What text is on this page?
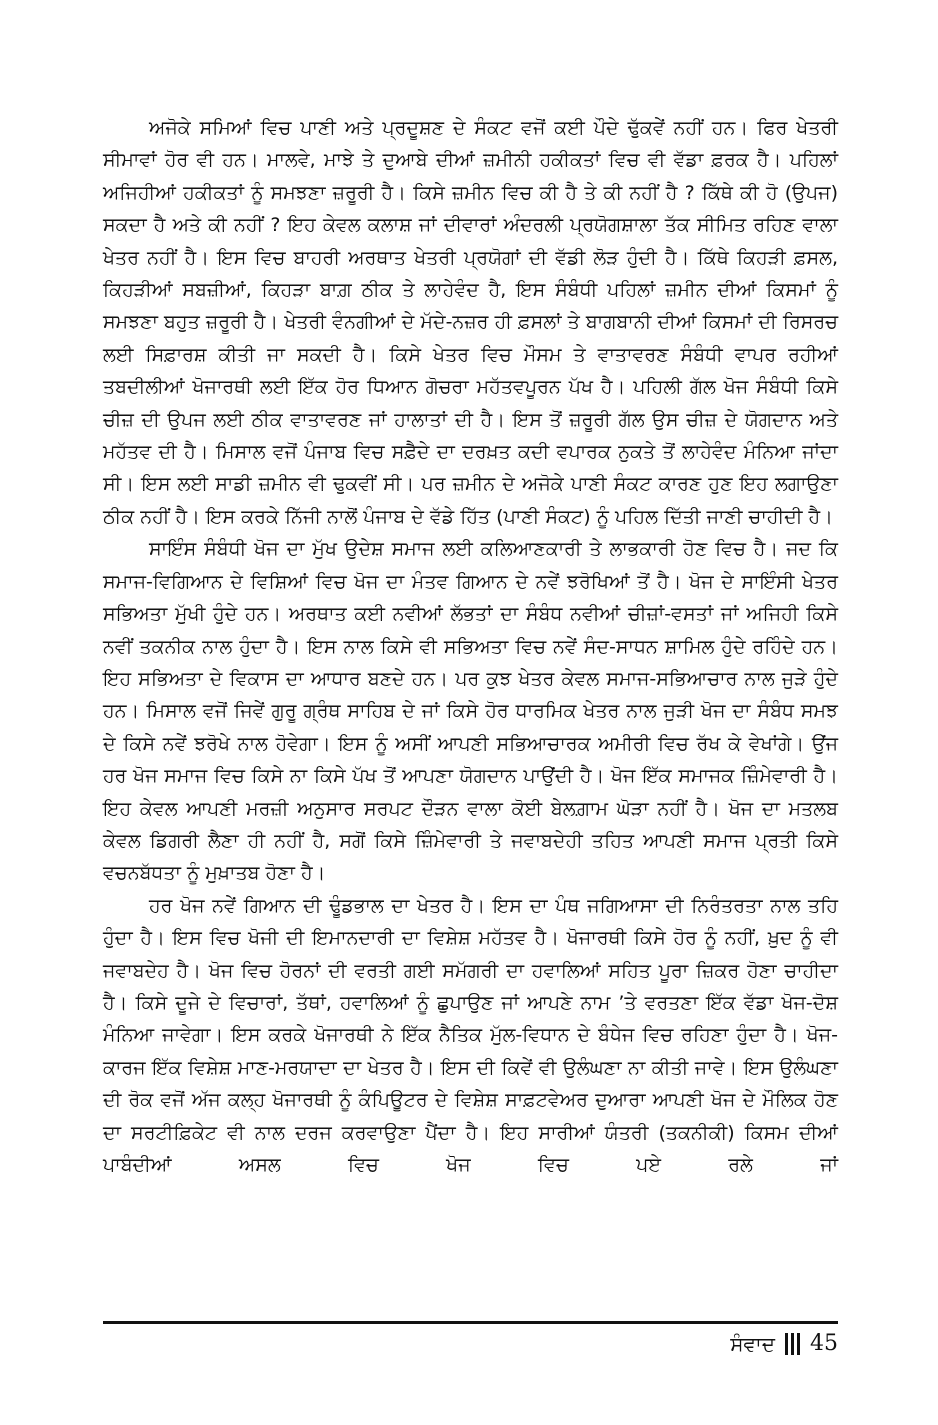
ਅਜੋਕੇ ਸਮਿਆਂ ਵਿਚ ਪਾਣੀ ਅਤੇ ਪ੍ਰਦੂਸ਼ਣ ਦੇ ਸੰਕਟ ਵਜੋਂ ਕਈ ਪੌਦੇ ਢੁੱਕਵੇਂ ਨਹੀਂ ਹਨ। ਫਿਰ ਖੇਤਰੀ ਸੀਮਾਵਾਂ ਹੋਰ ਵੀ ਹਨ। ਮਾਲਵੇ, ਮਾਝੇ ਤੇ ਦੁਆਬੇ ਦੀਆਂ ਜ਼ਮੀਨੀ ਹਕੀਕਤਾਂ ਵਿਚ ਵੀ ਵੱਡਾ ਫ਼ਰਕ ਹੈ। ਪਹਿਲਾਂ ਅਜਿਹੀਆਂ ਹਕੀਕਤਾਂ ਨੂੰ ਸਮਝਣਾ ਜ਼ਰੂਰੀ ਹੈ। ਕਿਸੇ ਜ਼ਮੀਨ ਵਿਚ ਕੀ ਹੈ ਤੇ ਕੀ ਨਹੀਂ ਹੈ ? ਕਿੱਥੇ ਕੀ ਹੋ (ਉਪਜ) ਸਕਦਾ ਹੈ ਅਤੇ ਕੀ ਨਹੀਂ ? ਇਹ ਕੇਵਲ ਕਲਾਸ਼ ਜਾਂ ਦੀਵਾਰਾਂ ਅੰਦਰਲੀ ਪ੍ਰਯੋਗਸ਼ਾਲਾ ਤੱਕ ਸੀਮਿਤ ਰਹਿਣ ਵਾਲਾ ਖੇਤਰ ਨਹੀਂ ਹੈ। ਇਸ ਵਿਚ ਬਾਹਰੀ ਅਰਥਾਤ ਖੇਤਰੀ ਪ੍ਰਯੋਗਾਂ ਦੀ ਵੱਡੀ ਲੋੜ ਹੁੰਦੀ ਹੈ। ਕਿੱਥੇ ਕਿਹੜੀ ਫ਼ਸਲ, ਕਿਹੜੀਆਂ ਸਬਜ਼ੀਆਂ, ਕਿਹੜਾ ਬਾਗ਼ ਠੀਕ ਤੇ ਲਾਹੇਵੰਦ ਹੈ, ਇਸ ਸੰਬੰਧੀ ਪਹਿਲਾਂ ਜ਼ਮੀਨ ਦੀਆਂ ਕਿਸਮਾਂ ਨੂੰ ਸਮਝਣਾ ਬਹੁਤ ਜ਼ਰੂਰੀ ਹੈ। ਖੇਤਰੀ ਵੰਨਗੀਆਂ ਦੇ ਮੱਦੇ-ਨਜ਼ਰ ਹੀ ਫ਼ਸਲਾਂ ਤੇ ਬਾਗਬਾਨੀ ਦੀਆਂ ਕਿਸਮਾਂ ਦੀ ਰਿਸਰਚ ਲਈ ਸਿਫ਼ਾਰਸ਼ ਕੀਤੀ ਜਾ ਸਕਦੀ ਹੈ। ਕਿਸੇ ਖੇਤਰ ਵਿਚ ਮੌਸਮ ਤੇ ਵਾਤਾਵਰਣ ਸੰਬੰਧੀ ਵਾਪਰ ਰਹੀਆਂ ਤਬਦੀਲੀਆਂ ਖੋਜਾਰਥੀ ਲਈ ਇੱਕ ਹੋਰ ਧਿਆਨ ਗੋਚਰਾ ਮਹੱਤਵਪੂਰਨ ਪੱਖ ਹੈ। ਪਹਿਲੀ ਗੱਲ ਖੋਜ ਸੰਬੰਧੀ ਕਿਸੇ ਚੀਜ਼ ਦੀ ਉਪਜ ਲਈ ਠੀਕ ਵਾਤਾਵਰਣ ਜਾਂ ਹਾਲਾਤਾਂ ਦੀ ਹੈ। ਇਸ ਤੋਂ ਜ਼ਰੂਰੀ ਗੱਲ ਉਸ ਚੀਜ਼ ਦੇ ਯੋਗਦਾਨ ਅਤੇ ਮਹੱਤਵ ਦੀ ਹੈ। ਮਿਸਾਲ ਵਜੋਂ ਪੰਜਾਬ ਵਿਚ ਸਫ਼ੈਦੇ ਦਾ ਦਰਖ਼ਤ ਕਦੀ ਵਪਾਰਕ ਨੁਕਤੇ ਤੋਂ ਲਾਹੇਵੰਦ ਮੰਨਿਆ ਜਾਂਦਾ ਸੀ। ਇਸ ਲਈ ਸਾਡੀ ਜ਼ਮੀਨ ਵੀ ਢੁਕਵੀਂ ਸੀ। ਪਰ ਜ਼ਮੀਨ ਦੇ ਅਜੋਕੇ ਪਾਣੀ ਸੰਕਟ ਕਾਰਣ ਹੁਣ ਇਹ ਲਗਾਉਣਾ ਠੀਕ ਨਹੀਂ ਹੈ। ਇਸ ਕਰਕੇ ਨਿੱਜੀ ਨਾਲੋਂ ਪੰਜਾਬ ਦੇ ਵੱਡੇ ਹਿੱਤ (ਪਾਣੀ ਸੰਕਟ) ਨੂੰ ਪਹਿਲ ਦਿੱਤੀ ਜਾਣੀ ਚਾਹੀਦੀ ਹੈ।

ਸਾਇੰਸ ਸੰਬੰਧੀ ਖੋਜ ਦਾ ਮੁੱਖ ਉਦੇਸ਼ ਸਮਾਜ ਲਈ ਕਲਿਆਣਕਾਰੀ ਤੇ ਲਾਭਕਾਰੀ ਹੋਣ ਵਿਚ ਹੈ। ਜਦ ਕਿ ਸਮਾਜ-ਵਿਗਿਆਨ ਦੇ ਵਿਸ਼ਿਆਂ ਵਿਚ ਖੋਜ ਦਾ ਮੰਤਵ ਗਿਆਨ ਦੇ ਨਵੇਂ ਝਰੋਖਿਆਂ ਤੋਂ ਹੈ। ਖੋਜ ਦੇ ਸਾਇੰਸੀ ਖੇਤਰ ਸਭਿਅਤਾ ਮੁੱਖੀ ਹੁੰਦੇ ਹਨ। ਅਰਥਾਤ ਕਈ ਨਵੀਆਂ ਲੱਭਤਾਂ ਦਾ ਸੰਬੰਧ ਨਵੀਆਂ ਚੀਜ਼ਾਂ-ਵਸਤਾਂ ਜਾਂ ਅਜਿਹੀ ਕਿਸੇ ਨਵੀਂ ਤਕਨੀਕ ਨਾਲ ਹੁੰਦਾ ਹੈ। ਇਸ ਨਾਲ ਕਿਸੇ ਵੀ ਸਭਿਅਤਾ ਵਿਚ ਨਵੇਂ ਸੰਦ-ਸਾਧਨ ਸ਼ਾਮਿਲ ਹੁੰਦੇ ਰਹਿੰਦੇ ਹਨ। ਇਹ ਸਭਿਅਤਾ ਦੇ ਵਿਕਾਸ ਦਾ ਆਧਾਰ ਬਣਦੇ ਹਨ। ਪਰ ਕੁਝ ਖੇਤਰ ਕੇਵਲ ਸਮਾਜ-ਸਭਿਆਚਾਰ ਨਾਲ ਜੁੜੇ ਹੁੰਦੇ ਹਨ। ਮਿਸਾਲ ਵਜੋਂ ਜਿਵੇਂ ਗੁਰੂ ਗ੍ਰੰਥ ਸਾਹਿਬ ਦੇ ਜਾਂ ਕਿਸੇ ਹੋਰ ਧਾਰਮਿਕ ਖੇਤਰ ਨਾਲ ਜੁੜੀ ਖੋਜ ਦਾ ਸੰਬੰਧ ਸਮਝ ਦੇ ਕਿਸੇ ਨਵੇਂ ਝਰੋਖੇ ਨਾਲ ਹੋਵੇਗਾ। ਇਸ ਨੂੰ ਅਸੀਂ ਆਪਣੀ ਸਭਿਆਚਾਰਕ ਅਮੀਰੀ ਵਿਚ ਰੱਖ ਕੇ ਵੇਖਾਂਗੇ। ਉਂਜ ਹਰ ਖੋਜ ਸਮਾਜ ਵਿਚ ਕਿਸੇ ਨਾ ਕਿਸੇ ਪੱਖ ਤੋਂ ਆਪਣਾ ਯੋਗਦਾਨ ਪਾਉਂਦੀ ਹੈ। ਖੋਜ ਇੱਕ ਸਮਾਜਕ ਜ਼ਿੰਮੇਵਾਰੀ ਹੈ। ਇਹ ਕੇਵਲ ਆਪਣੀ ਮਰਜ਼ੀ ਅਨੁਸਾਰ ਸਰਪਟ ਦੌੜਨ ਵਾਲਾ ਕੋਈ ਬੇਲਗ਼ਾਮ ਘੋੜਾ ਨਹੀਂ ਹੈ। ਖੋਜ ਦਾ ਮਤਲਬ ਕੇਵਲ ਡਿਗਰੀ ਲੈਣਾ ਹੀ ਨਹੀਂ ਹੈ, ਸਗੋਂ ਕਿਸੇ ਜ਼ਿੰਮੇਵਾਰੀ ਤੇ ਜਵਾਬਦੇਹੀ ਤਹਿਤ ਆਪਣੀ ਸਮਾਜ ਪ੍ਰਤੀ ਕਿਸੇ ਵਚਨਬੱਧਤਾ ਨੂੰ ਮੁਖ਼ਾਤਬ ਹੋਣਾ ਹੈ।

ਹਰ ਖੋਜ ਨਵੇਂ ਗਿਆਨ ਦੀ ਢੂੰਡਭਾਲ ਦਾ ਖੇਤਰ ਹੈ। ਇਸ ਦਾ ਪੰਥ ਜਗਿਆਸਾ ਦੀ ਨਿਰੰਤਰਤਾ ਨਾਲ ਤਹਿ ਹੁੰਦਾ ਹੈ। ਇਸ ਵਿਚ ਖੋਜੀ ਦੀ ਇਮਾਨਦਾਰੀ ਦਾ ਵਿਸ਼ੇਸ਼ ਮਹੱਤਵ ਹੈ। ਖੋਜਾਰਥੀ ਕਿਸੇ ਹੋਰ ਨੂੰ ਨਹੀਂ, ਖ਼ੁਦ ਨੂੰ ਵੀ ਜਵਾਬਦੇਹ ਹੈ। ਖੋਜ ਵਿਚ ਹੋਰਨਾਂ ਦੀ ਵਰਤੀ ਗਈ ਸਮੱਗਰੀ ਦਾ ਹਵਾਲਿਆਂ ਸਹਿਤ ਪੂਰਾ ਜ਼ਿਕਰ ਹੋਣਾ ਚਾਹੀਦਾ ਹੈ। ਕਿਸੇ ਦੂਜੇ ਦੇ ਵਿਚਾਰਾਂ, ਤੱਥਾਂ, ਹਵਾਲਿਆਂ ਨੂੰ ਛੁਪਾਉਣ ਜਾਂ ਆਪਣੇ ਨਾਮ ’ਤੇ ਵਰਤਣਾ ਇੱਕ ਵੱਡਾ ਖੋਜ-ਦੋਸ਼ ਮੰਨਿਆ ਜਾਵੇਗਾ। ਇਸ ਕਰਕੇ ਖੋਜਾਰਥੀ ਨੇ ਇੱਕ ਨੈਤਿਕ ਮੁੱਲ-ਵਿਧਾਨ ਦੇ ਬੰਧੇਜ ਵਿਚ ਰਹਿਣਾ ਹੁੰਦਾ ਹੈ। ਖੋਜ-ਕਾਰਜ ਇੱਕ ਵਿਸ਼ੇਸ਼ ਮਾਣ-ਮਰਯਾਦਾ ਦਾ ਖੇਤਰ ਹੈ। ਇਸ ਦੀ ਕਿਵੇਂ ਵੀ ਉਲੰਘਣਾ ਨਾ ਕੀਤੀ ਜਾਵੇ। ਇਸ ਉਲੰਘਣਾ ਦੀ ਰੋਕ ਵਜੋਂ ਅੱਜ ਕਲ੍ਹ ਖੋਜਾਰਥੀ ਨੂੰ ਕੰਪਿਊਟਰ ਦੇ ਵਿਸ਼ੇਸ਼ ਸਾਫ਼ਟਵੇਅਰ ਦੁਆਰਾ ਆਪਣੀ ਖੋਜ ਦੇ ਮੌਲਿਕ ਹੋਣ ਦਾ ਸਰਟੀਫ਼ਿਕੇਟ ਵੀ ਨਾਲ ਦਰਜ ਕਰਵਾਉਣਾ ਪੈਂਦਾ ਹੈ। ਇਹ ਸਾਰੀਆਂ ਯੰਤਰੀ (ਤਕਨੀਕੀ) ਕਿਸਮ ਦੀਆਂ ਪਾਬੰਦੀਆਂ ਅਸਲ ਵਿਚ ਖੋਜ ਵਿਚ ਪਏ ਰਲੇ ਜਾਂ

ਸੰਵਾਦ 45
